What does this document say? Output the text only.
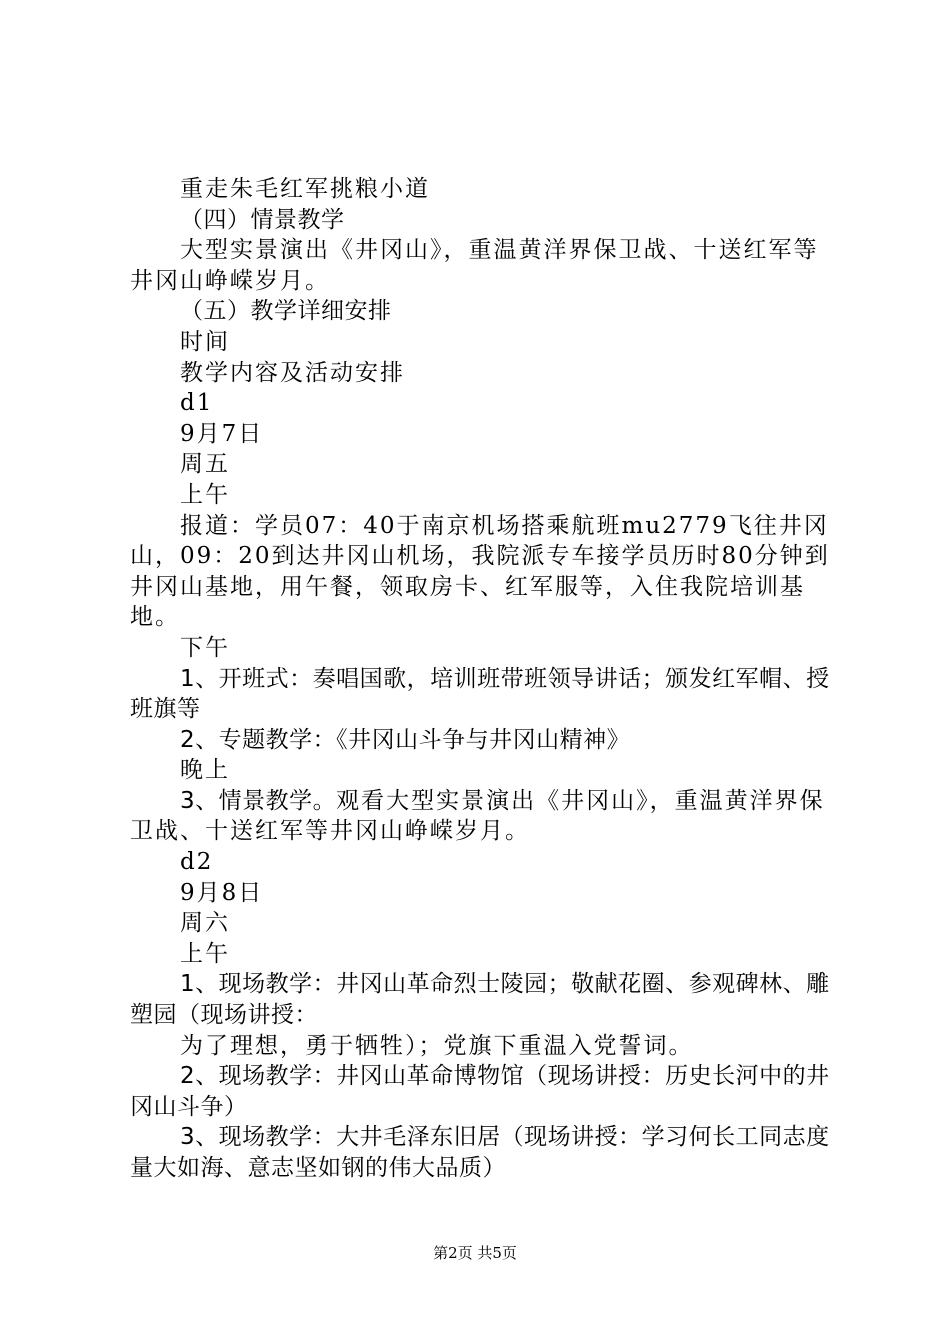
重走朱毛红军挑粮小道
（四）情景教学
大型实景演出《井冈山》，重温黄洋界保卫战、十送红军等井冈山峥嵘岁月。
（五）教学详细安排
时间
教学内容及活动安排
d1
9月7日
周五
上午
报道：学员07：40于南京机场搭乘航班mu2779飞往井冈山，09：20到达井冈山机场，我院派专车接学员历时80分钟到井冈山基地，用午餐，领取房卡、红军服等，入住我院培训基地。
下午
1、开班式：奏唱国歌，培训班带班领导讲话；颁发红军帽、授班旗等
2、专题教学：《井冈山斗争与井冈山精神》
晚上
3、情景教学。观看大型实景演出《井冈山》，重温黄洋界保卫战、十送红军等井冈山峥嵘岁月。
d2
9月8日
周六
上午
1、现场教学：井冈山革命烈士陵园；敬献花圈、参观碑林、雕塑园（现场讲授：
为了理想，勇于牺牲）；党旗下重温入党誓词。
2、现场教学：井冈山革命博物馆（现场讲授：历史长河中的井冈山斗争）
3、现场教学：大井毛泽东旧居（现场讲授：学习何长工同志度量大如海、意志坚如钢的伟大品质）
第2页 共5页
